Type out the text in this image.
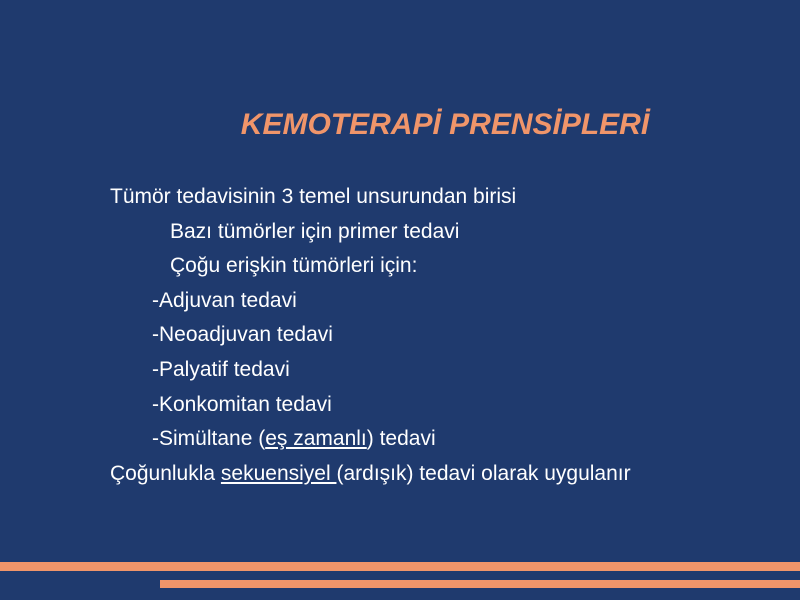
KEMOTERAPİ PRENSİPLERİ
Tümör tedavisinin 3 temel unsurundan birisi
Bazı tümörler için primer tedavi
Çoğu erişkin tümörleri için:
-Adjuvan tedavi
-Neoadjuvan tedavi
-Palyatif tedavi
-Konkomitan tedavi
-Simültane (eş zamanlı) tedavi
Çoğunlukla sekuensiyel (ardışık) tedavi olarak uygulanır
